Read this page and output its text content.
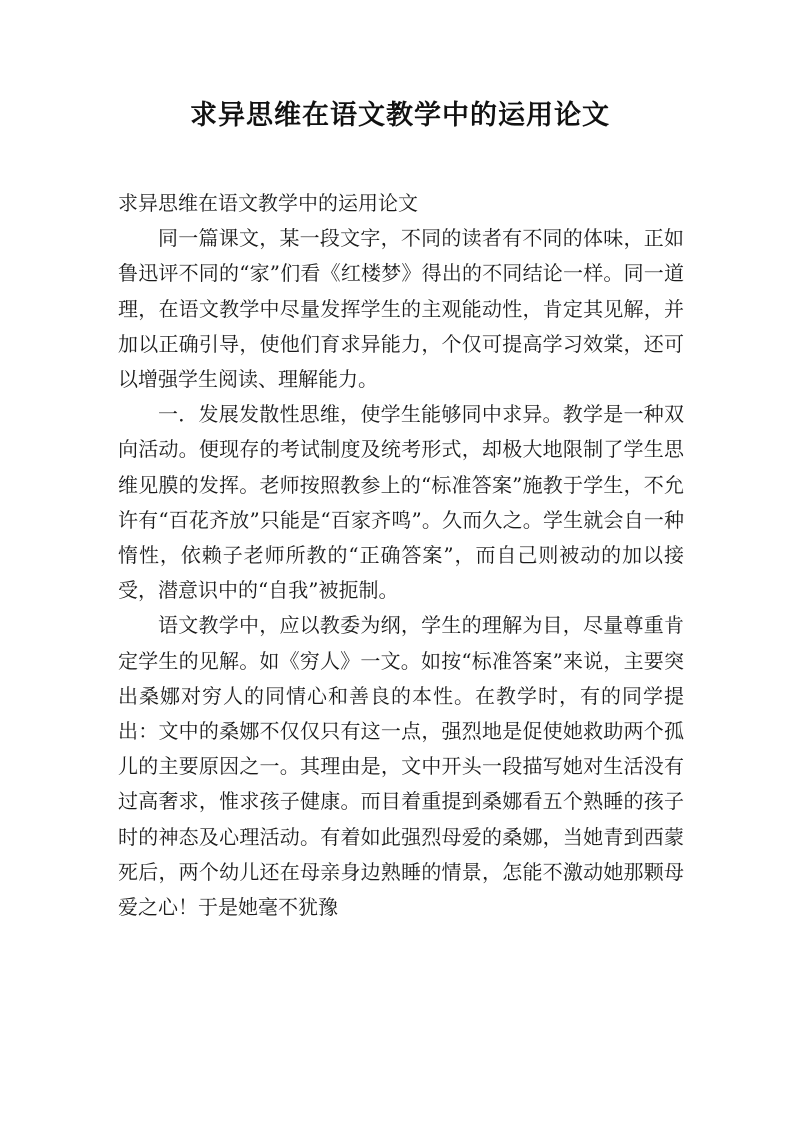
求异思维在语文教学中的运用论文

求异思维在语文教学中的运用论文

同一篇课文，某一段文字，不同的读者有不同的体味，正如鲁迅评不同的“家”们看《红楼梦》得出的不同结论一样。同一道理，在语文教学中尽量发挥学生的主观能动性，肯定其见解，并加以正确引导，使他们育求异能力，个仅可提高学习效棠，还可以增强学生阅读、理解能力。

一．发展发散性思维，使学生能够同中求异。教学是一种双向活动。便现存的考试制度及统考形式，却极大地限制了学生思维见膜的发挥。老师按照教参上的“标准答案”施教于学生，不允许有“百花齐放”只能是“百家齐鸣”。久而久之。学生就会自一种惰性，依赖子老师所教的“正确答案”，而自己则被动的加以接受，潜意识中的“自我”被扼制。

语文教学中，应以教委为纲，学生的理解为目，尽量尊重肯定学生的见解。如《穷人》一文。如按“标准答案”来说，主要突出桑娜对穷人的同情心和善良的本性。在教学时，有的同学提出：文中的桑娜不仅仅只有这一点，强烈地是促使她救助两个孤儿的主要原因之一。其理由是，文中开头一段描写她对生活没有过高奢求，惟求孩子健康。而目着重提到桑娜看五个熟睡的孩子时的神态及心理活动。有着如此强烈母爱的桑娜，当她青到西蒙死后，两个幼儿还在母亲身边熟睡的情景，怎能不激动她那颗母爱之心！于是她毫不犹豫
